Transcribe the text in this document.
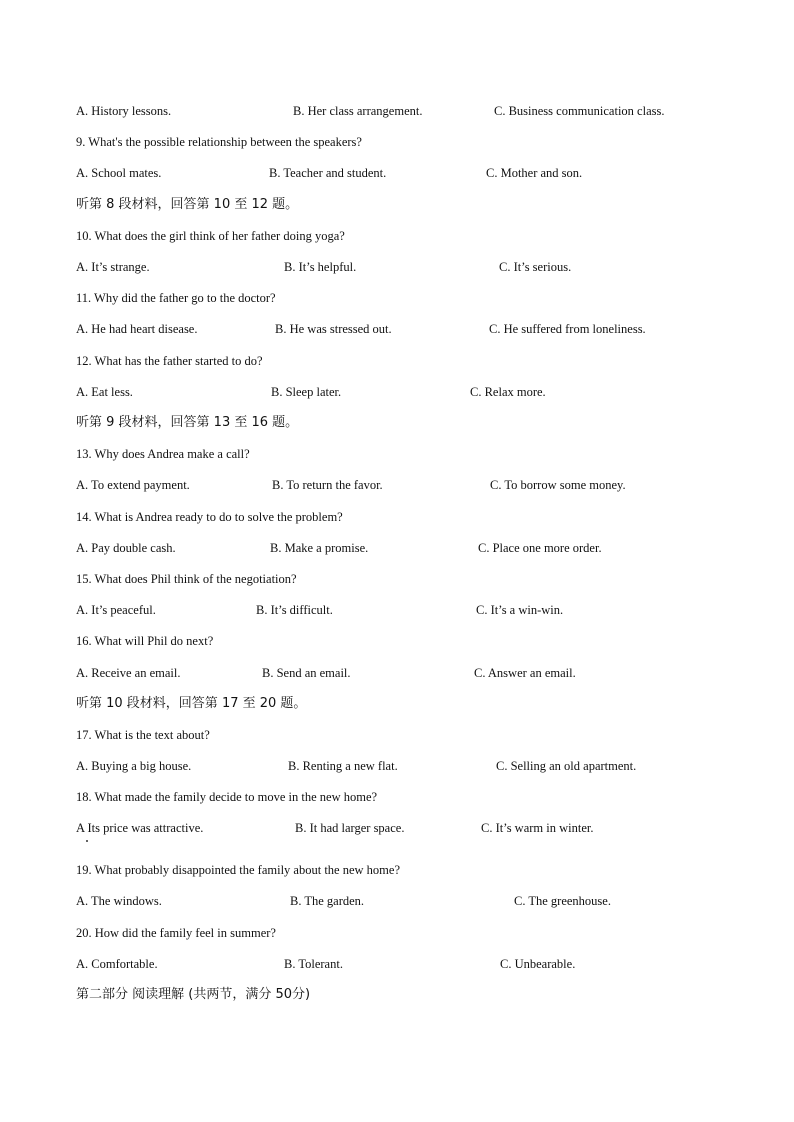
A. History lessons.	B. Her class arrangement.	C. Business communication class.
9. What's the possible relationship between the speakers?
A. School mates.	B. Teacher and student.	C. Mother and son.
听第 8 段材料，回答第 10 至 12 题。
10. What does the girl think of her father doing yoga?
A. It’s strange.	B. It’s helpful.	C. It’s serious.
11. Why did the father go to the doctor?
A. He had heart disease.	B. He was stressed out.	C. He suffered from loneliness.
12. What has the father started to do?
A. Eat less.	B. Sleep later.	C. Relax more.
听第 9 段材料，回答第 13 至 16 题。
13. Why does Andrea make a call?
A. To extend payment.	B. To return the favor.	C. To borrow some money.
14. What is Andrea ready to do to solve the problem?
A. Pay double cash.	B. Make a promise.	C. Place one more order.
15. What does Phil think of the negotiation?
A. It’s peaceful.	B. It’s difficult.	C. It’s a win-win.
16. What will Phil do next?
A. Receive an email.	B. Send an email.	C. Answer an email.
听第 10 段材料，回答第 17 至 20 题。
17. What is the text about?
A. Buying a big house.	B. Renting a new flat.	C. Selling an old apartment.
18. What made the family decide to move in the new home?
A Its price was attractive.	B. It had larger space.	C. It’s warm in winter.
19. What probably disappointed the family about the new home?
A. The windows.	B. The garden.	C. The greenhouse.
20. How did the family feel in summer?
A. Comfortable.	B. Tolerant.	C. Unbearable.
第二部分 阅读理解 (共两节，满分 50分)
